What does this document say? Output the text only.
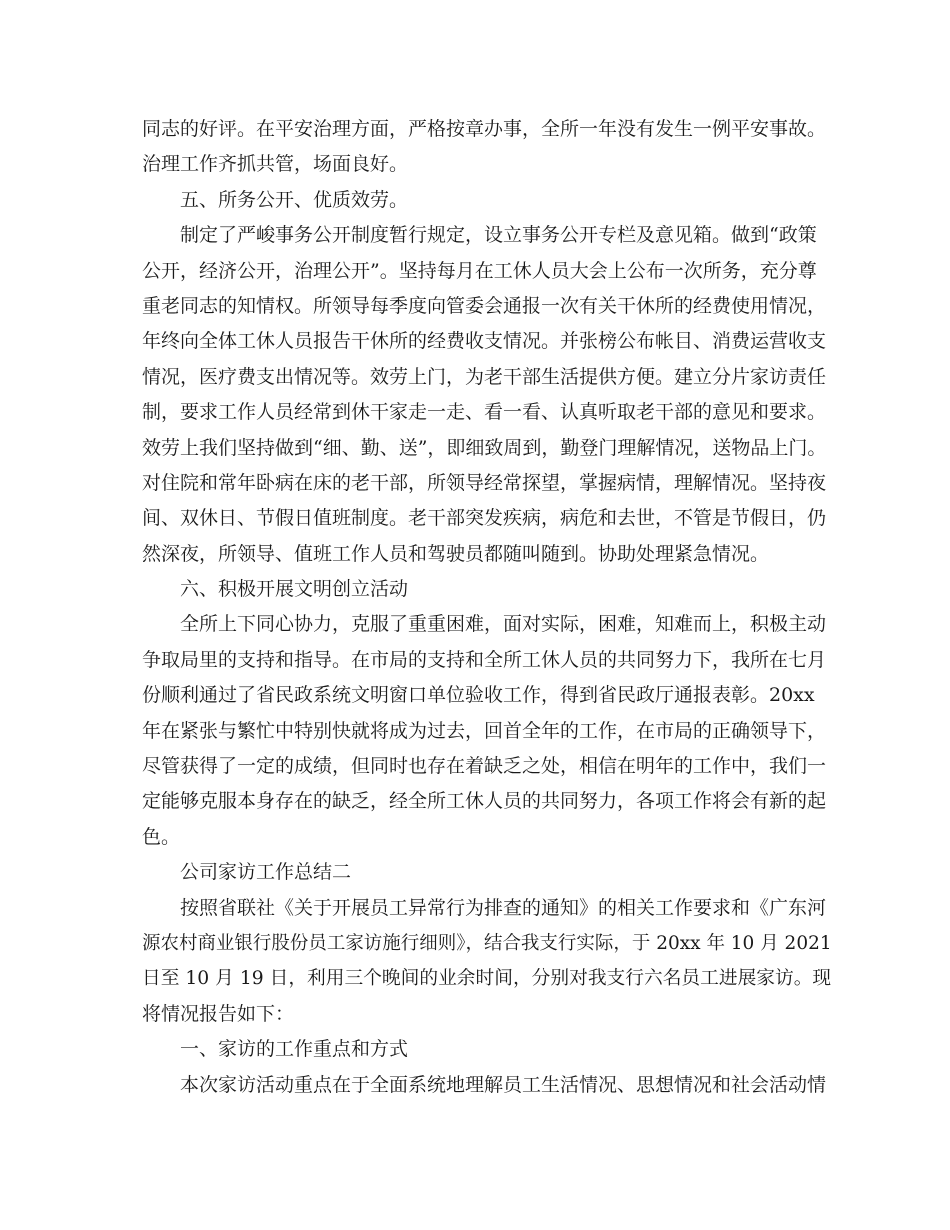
同志的好评。在平安治理方面，严格按章办事，全所一年没有发生一例平安事故。
治理工作齐抓共管，场面良好。
五、所务公开、优质效劳。
制定了严峻事务公开制度暂行规定，设立事务公开专栏及意见箱。做到“政策
公开，经济公开，治理公开”。坚持每月在工休人员大会上公布一次所务，充分尊
重老同志的知情权。所领导每季度向管委会通报一次有关干休所的经费使用情况，
年终向全体工休人员报告干休所的经费收支情况。并张榜公布帐目、消费运营收支
情况，医疗费支出情况等。效劳上门，为老干部生活提供方便。建立分片家访责任
制，要求工作人员经常到休干家走一走、看一看、认真听取老干部的意见和要求。
效劳上我们坚持做到“细、勤、送”，即细致周到，勤登门理解情况，送物品上门。
对住院和常年卧病在床的老干部，所领导经常探望，掌握病情，理解情况。坚持夜
间、双休日、节假日值班制度。老干部突发疾病，病危和去世，不管是节假日，仍
然深夜，所领导、值班工作人员和驾驶员都随叫随到。协助处理紧急情况。
六、积极开展文明创立活动
全所上下同心协力，克服了重重困难，面对实际，困难，知难而上，积极主动
争取局里的支持和指导。在市局的支持和全所工休人员的共同努力下，我所在七月
份顺利通过了省民政系统文明窗口单位验收工作，得到省民政厅通报表彰。20xx
年在紧张与繁忙中特别快就将成为过去，回首全年的工作，在市局的正确领导下，
尽管获得了一定的成绩，但同时也存在着缺乏之处，相信在明年的工作中，我们一
定能够克服本身存在的缺乏，经全所工休人员的共同努力，各项工作将会有新的起
色。
公司家访工作总结二
按照省联社《关于开展员工异常行为排查的通知》的相关工作要求和《广东河
源农村商业银行股份员工家访施行细则》，结合我支行实际，于 20xx 年 10 月 2021
日至 10 月 19 日，利用三个晚间的业余时间，分别对我支行六名员工进展家访。现
将情况报告如下：
一、家访的工作重点和方式
本次家访活动重点在于全面系统地理解员工生活情况、思想情况和社会活动情
